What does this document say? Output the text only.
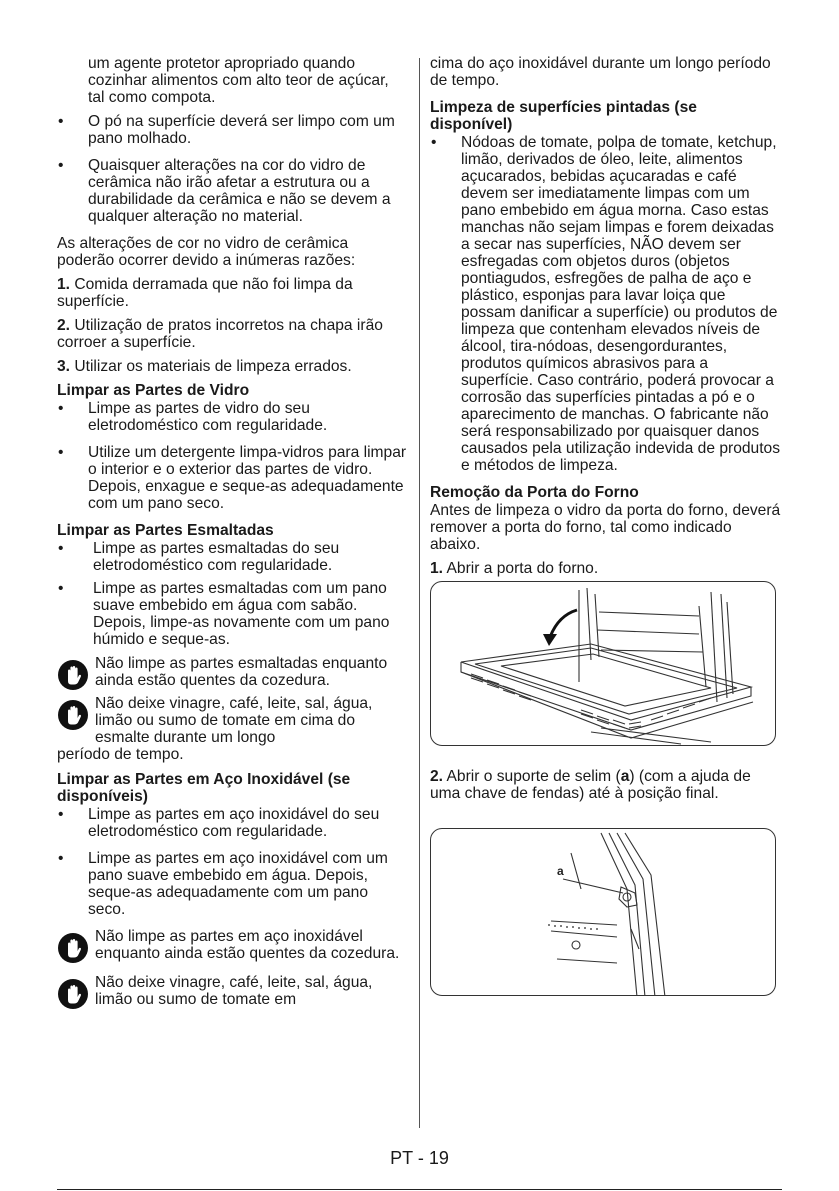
um agente protetor apropriado quando cozinhar alimentos com alto teor de açúcar, tal como compota.

• O pó na superfície deverá ser limpo com um pano molhado.
• Quaisquer alterações na cor do vidro de cerâmica não irão afetar a estrutura ou a durabilidade da cerâmica e não se devem a qualquer alteração no material.

As alterações de cor no vidro de cerâmica poderão ocorrer devido a inúmeras razões:

1. Comida derramada que não foi limpa da superfície.

2. Utilização de pratos incorretos na chapa irão corroer a superfície.

3. Utilizar os materiais de limpeza errados.

Limpar as Partes de Vidro
• Limpe as partes de vidro do seu eletrodoméstico com regularidade.
• Utilize um detergente limpa-vidros para limpar o interior e o exterior das partes de vidro. Depois, enxague e seque-as adequadamente com um pano seco.
Limpar as Partes Esmaltadas
• Limpe as partes esmaltadas do seu eletrodoméstico com regularidade.
• Limpe as partes esmaltadas com um pano suave embebido em água com sabão. Depois, limpe-as novamente com um pano húmido e seque-as.
Não limpe as partes esmaltadas enquanto ainda estão quentes da cozedura.
Não deixe vinagre, café, leite, sal, água, limão ou sumo de tomate em cima do esmalte durante um longo
período de tempo.
Limpar as Partes em Aço Inoxidável (se disponíveis)
• Limpe as partes em aço inoxidável do seu eletrodoméstico com regularidade.
• Limpe as partes em aço inoxidável com um pano suave embebido em água. Depois, seque-as adequadamente com um pano seco.
Não limpe as partes em aço inoxidável enquanto ainda estão quentes da cozedura.
Não deixe vinagre, café, leite, sal, água, limão ou sumo de tomate em

cima do aço inoxidável durante um longo período de tempo.

Limpeza de superfícies pintadas (se disponível)
• Nódoas de tomate, polpa de tomate, ketchup, limão, derivados de óleo, leite, alimentos açucarados, bebidas açucaradas e café devem ser imediatamente limpas com um pano embebido em água morna. Caso estas manchas não sejam limpas e forem deixadas a secar nas superfícies, NÃO devem ser esfregadas com objetos duros (objetos pontiagudos, esfregões de palha de aço e plástico, esponjas para lavar loiça que possam danificar a superfície) ou produtos de limpeza que contenham elevados níveis de álcool, tira-nódoas, desengordurantes, produtos químicos abrasivos para a superfície. Caso contrário, poderá provocar a corrosão das superfícies pintadas a pó e o aparecimento de manchas. O fabricante não será responsabilizado por quaisquer danos causados pela utilização indevida de produtos e métodos de limpeza.
Remoção da Porta do Forno

Antes de limpeza o vidro da porta do forno, deverá remover a porta do forno, tal como indicado abaixo.

1. Abrir a porta do forno.

2. Abrir o suporte de selim (a) (com a ajuda de uma chave de fendas) até à posição final.

a
PT - 19
